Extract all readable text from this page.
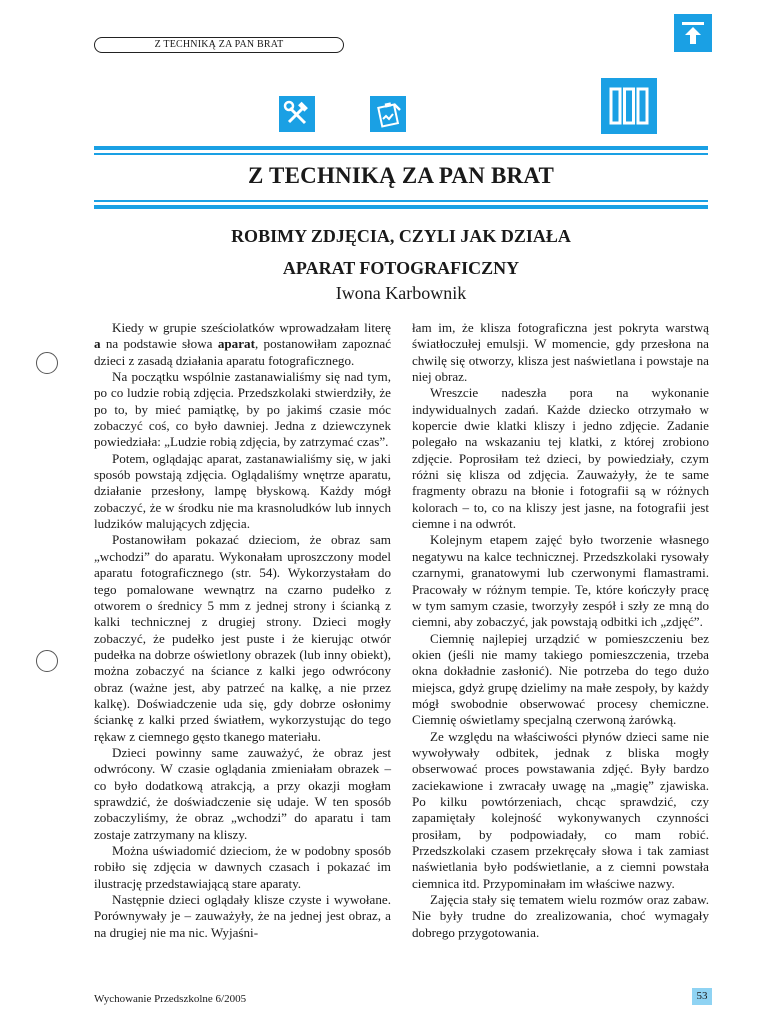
Z TECHNIKĄ ZA PAN BRAT
Z TECHNIKĄ ZA PAN BRAT
ROBIMY ZDJĘCIA, CZYLI JAK DZIAŁA
APARAT FOTOGRAFICZNY
Iwona Karbownik

Kiedy w grupie sześciolatków wprowadzałam literę a na podstawie słowa aparat, postanowiłam zapoznać dzieci z zasadą działania aparatu fotograficznego.

Na początku wspólnie zastanawialiśmy się nad tym, po co ludzie robią zdjęcia. Przedszkolaki stwierdziły, że po to, by mieć pamiątkę, by po jakimś czasie móc zobaczyć coś, co było dawniej. Jedna z dziewczynek powiedziała: „Ludzie robią zdjęcia, by zatrzymać czas”.

Potem, oglądając aparat, zastanawialiśmy się, w jaki sposób powstają zdjęcia. Oglądaliśmy wnętrze aparatu, działanie przesłony, lampę błyskową. Każdy mógł zobaczyć, że w środku nie ma krasnoludków lub innych ludzików malujących zdjęcia.

Postanowiłam pokazać dzieciom, że obraz sam „wchodzi” do aparatu. Wykonałam uproszczony model aparatu fotograficznego (str. 54). Wykorzystałam do tego pomalowane wewnątrz na czarno pudełko z otworem o średnicy 5 mm z jednej strony i ścianką z kalki technicznej z drugiej strony. Dzieci mogły zobaczyć, że pudełko jest puste i że kierując otwór pudełka na dobrze oświetlony obrazek (lub inny obiekt), można zobaczyć na ściance z kalki jego odwrócony obraz (ważne jest, aby patrzeć na kalkę, a nie przez kalkę). Doświadczenie uda się, gdy dobrze osłonimy ściankę z kalki przed światłem, wykorzystując do tego rękaw z ciemnego gęsto tkanego materiału.

Dzieci powinny same zauważyć, że obraz jest odwrócony. W czasie oglądania zmieniałam obrazek – co było dodatkową atrakcją, a przy okazji mogłam sprawdzić, że doświadczenie się udaje. W ten sposób zobaczyliśmy, że obraz „wchodzi” do aparatu i tam zostaje zatrzymany na kliszy.

Można uświadomić dzieciom, że w podobny sposób robiło się zdjęcia w dawnych czasach i pokazać im ilustrację przedstawiającą stare aparaty.

Następnie dzieci oglądały klisze czyste i wywołane. Porównywały je – zauważyły, że na jednej jest obraz, a na drugiej nie ma nic. Wyjaśni-

łam im, że klisza fotograficzna jest pokryta warstwą światłoczułej emulsji. W momencie, gdy przesłona na chwilę się otworzy, klisza jest naświetlana i powstaje na niej obraz.

Wreszcie nadeszła pora na wykonanie indywidualnych zadań. Każde dziecko otrzymało w kopercie dwie klatki kliszy i jedno zdjęcie. Zadanie polegało na wskazaniu tej klatki, z której zrobiono zdjęcie. Poprosiłam też dzieci, by powiedziały, czym różni się klisza od zdjęcia. Zauważyły, że te same fragmenty obrazu na błonie i fotografii są w różnych kolorach – to, co na kliszy jest jasne, na fotografii jest ciemne i na odwrót.

Kolejnym etapem zajęć było tworzenie własnego negatywu na kalce technicznej. Przedszkolaki rysowały czarnymi, granatowymi lub czerwonymi flamastrami. Pracowały w różnym tempie. Te, które kończyły pracę w tym samym czasie, tworzyły zespół i szły ze mną do ciemni, aby zobaczyć, jak powstają odbitki ich „zdjęć”.

Ciemnię najlepiej urządzić w pomieszczeniu bez okien (jeśli nie mamy takiego pomieszczenia, trzeba okna dokładnie zasłonić). Nie potrzeba do tego dużo miejsca, gdyż grupę dzielimy na małe zespoły, by każdy mógł swobodnie obserwować procesy chemiczne. Ciemnię oświetlamy specjalną czerwoną żarówką.

Ze względu na właściwości płynów dzieci same nie wywoływały odbitek, jednak z bliska mogły obserwować proces powstawania zdjęć. Były bardzo zaciekawione i zwracały uwagę na „magię” zjawiska. Po kilku powtórzeniach, chcąc sprawdzić, czy zapamiętały kolejność wykonywanych czynności prosiłam, by podpowiadały, co mam robić. Przedszkolaki czasem przekręcały słowa i tak zamiast naświetlania było podświetlanie, a z ciemni powstała ciemnica itd. Przypominałam im właściwe nazwy.

Zajęcia stały się tematem wielu rozmów oraz zabaw. Nie były trudne do zrealizowania, choć wymagały dobrego przygotowania.

Wychowanie Przedszkolne 6/2005	53
